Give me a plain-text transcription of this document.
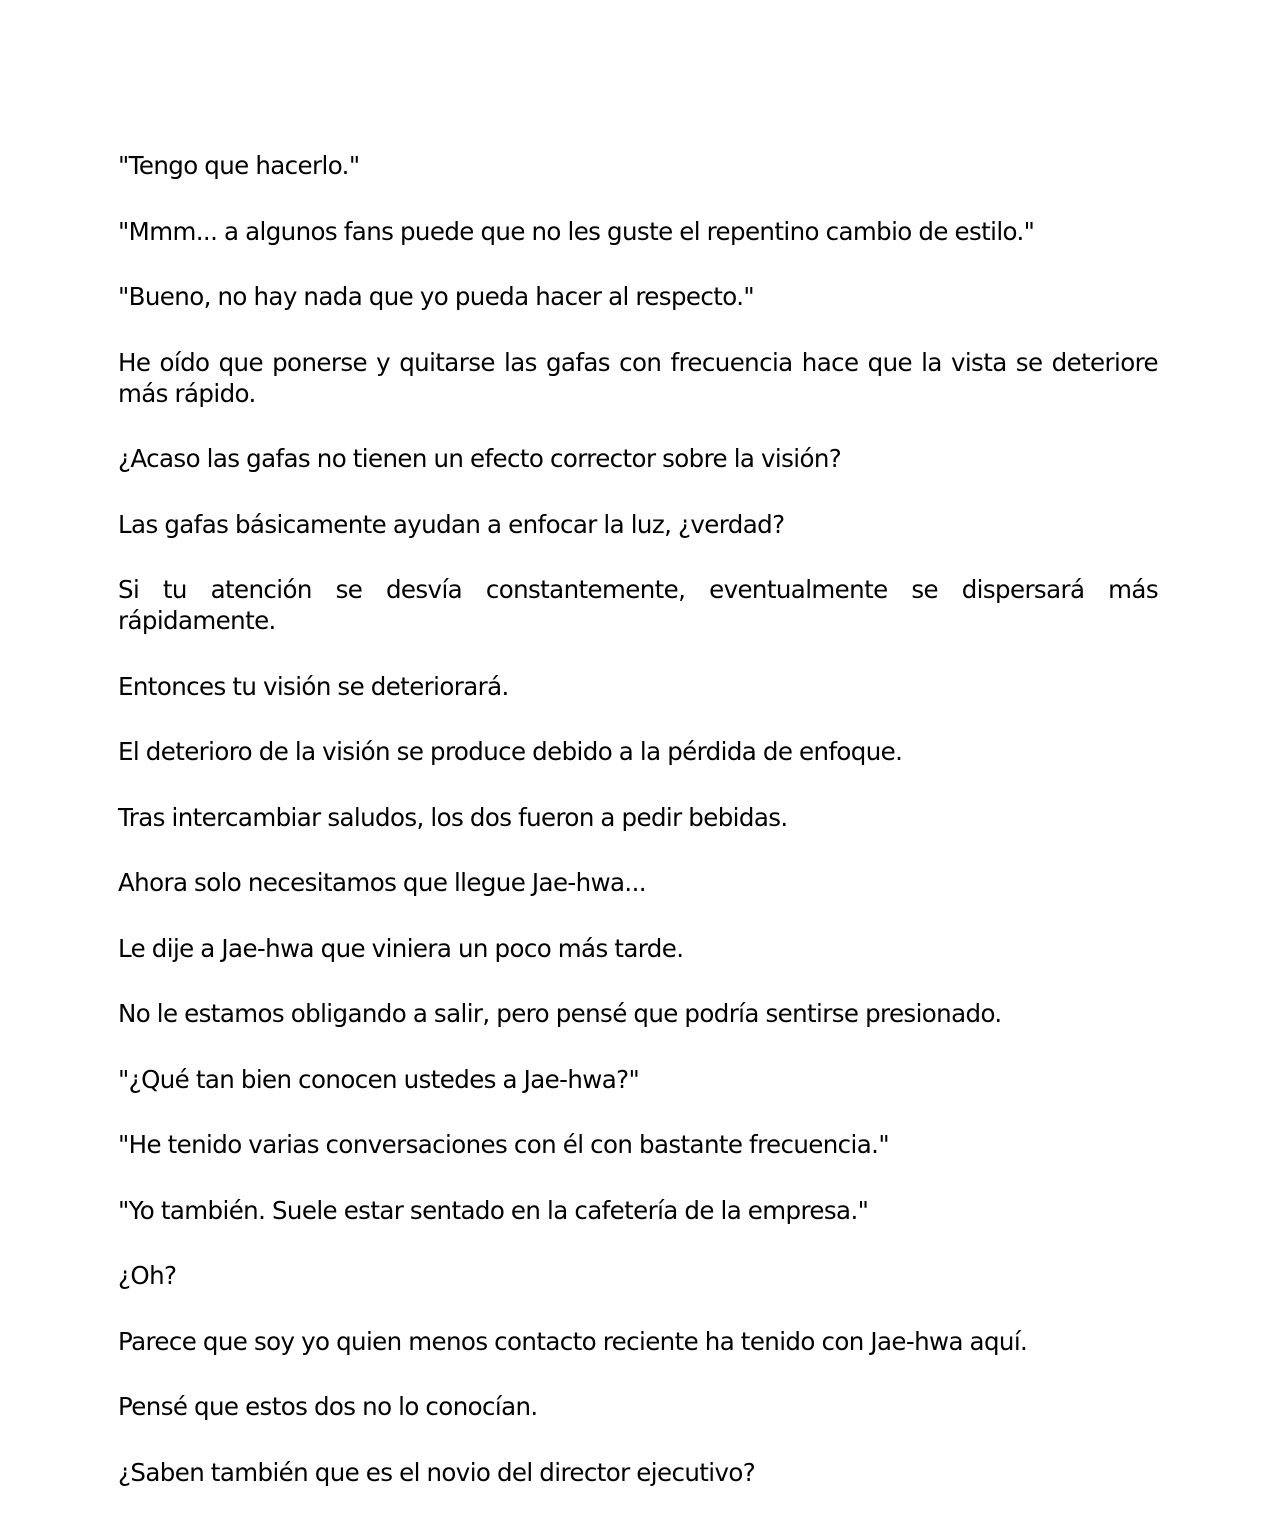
"Tengo que hacerlo."

"Mmm... a algunos fans puede que no les guste el repentino cambio de estilo."

"Bueno, no hay nada que yo pueda hacer al respecto."

He oído que ponerse y quitarse las gafas con frecuencia hace que la vista se deteriore más rápido.

¿Acaso las gafas no tienen un efecto corrector sobre la visión?

Las gafas básicamente ayudan a enfocar la luz, ¿verdad?

Si tu atención se desvía constantemente, eventualmente se dispersará más rápidamente.

Entonces tu visión se deteriorará.

El deterioro de la visión se produce debido a la pérdida de enfoque.

Tras intercambiar saludos, los dos fueron a pedir bebidas.

Ahora solo necesitamos que llegue Jae-hwa...

Le dije a Jae-hwa que viniera un poco más tarde.

No le estamos obligando a salir, pero pensé que podría sentirse presionado.

"¿Qué tan bien conocen ustedes a Jae-hwa?"

"He tenido varias conversaciones con él con bastante frecuencia."

"Yo también. Suele estar sentado en la cafetería de la empresa."

¿Oh?

Parece que soy yo quien menos contacto reciente ha tenido con Jae-hwa aquí.

Pensé que estos dos no lo conocían.

¿Saben también que es el novio del director ejecutivo?
